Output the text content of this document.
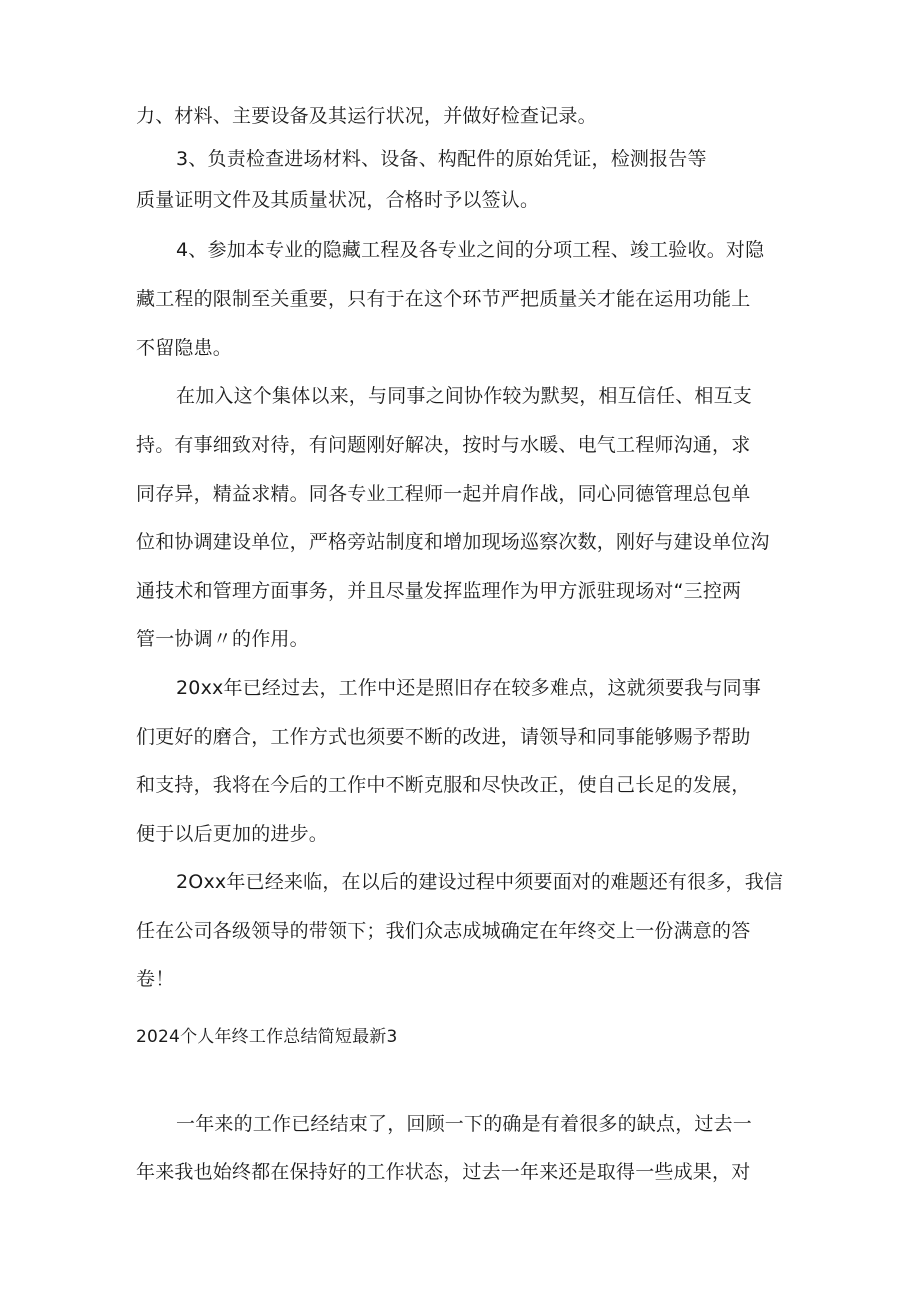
力、材料、主要设备及其运行状况，并做好检查记录。
3、负责检查进场材料、设备、构配件的原始凭证，检测报告等
质量证明文件及其质量状况，合格时予以签认。
4、参加本专业的隐藏工程及各专业之间的分项工程、竣工验收。对隐
藏工程的限制至关重要，只有于在这个环节严把质量关才能在运用功能上
不留隐患。
在加入这个集体以来，与同事之间协作较为默契，相互信任、相互支
持。有事细致对待，有问题刚好解决，按时与水暖、电气工程师沟通，求
同存异，精益求精。同各专业工程师一起并肩作战，同心同德管理总包单
位和协调建设单位，严格旁站制度和增加现场巡察次数，刚好与建设单位沟
通技术和管理方面事务，并且尽量发挥监理作为甲方派驻现场对“三控两
管一协调〃的作用。
20xx年已经过去，工作中还是照旧存在较多难点，这就须要我与同事
们更好的磨合，工作方式也须要不断的改进，请领导和同事能够赐予帮助
和支持，我将在今后的工作中不断克服和尽快改正，使自己长足的发展，
便于以后更加的进步。
2Oxx年已经来临，在以后的建设过程中须要面对的难题还有很多，我信
任在公司各级领导的带领下；我们众志成城确定在年终交上一份满意的答
卷！
2024个人年终工作总结简短最新3
一年来的工作已经结束了，回顾一下的确是有着很多的缺点，过去一
年来我也始终都在保持好的工作状态，过去一年来还是取得一些成果，对
